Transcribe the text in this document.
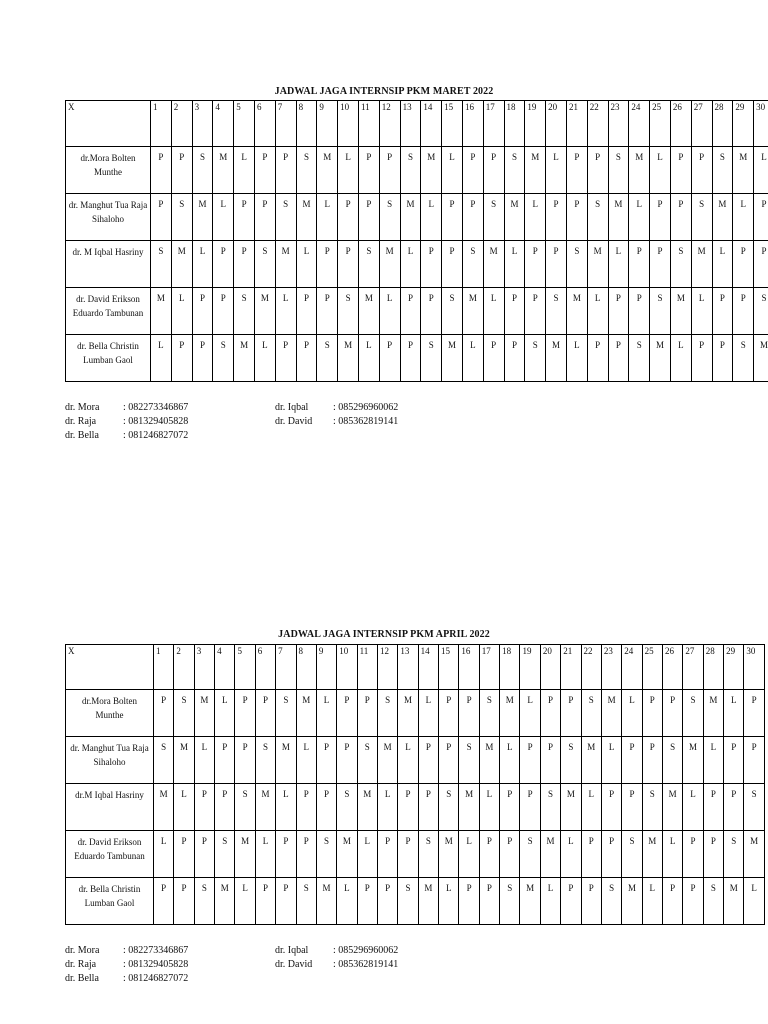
JADWAL JAGA INTERNSIP PKM MARET 2022
X	1	2	3	4	5	6	7	8	9	10	11	12	13	14	15	16	17	18	19	20	21	22	23	24	25	26	27	28	29	30
dr.Mora Bolten Munthe	P	P	S	M	L	P	P	S	M	L	P	P	S	M	L	P	P	S	M	L	P	P	S	M	L	P	P	S	M	L
dr. Manghut Tua Raja Sihaloho	P	S	M	L	P	P	S	M	L	P	P	S	M	L	P	P	S	M	L	P	P	S	M	L	P	P	S	M	L	P
dr. M Iqbal Hasriny	S	M	L	P	P	S	M	L	P	P	S	M	L	P	P	S	M	L	P	P	S	M	L	P	P	S	M	L	P	P
dr. David Erikson Eduardo Tambunan	M	L	P	P	S	M	L	P	P	S	M	L	P	P	S	M	L	P	P	S	M	L	P	P	S	M	L	P	P	S
dr. Bella Christin Lumban Gaol	L	P	P	S	M	L	P	P	S	M	L	P	P	S	M	L	P	P	S	M	L	P	P	S	M	L	P	P	S	M
dr. Mora : 082273346867
dr. Raja	: 081329405828
dr. Bella : 081246827072
dr. Iqbal : 085296960062
dr. David : 085362819141
JADWAL JAGA INTERNSIP PKM APRIL 2022
X	1	2	3	4	5	6	7	8	9	10	11	12	13	14	15	16	17	18	19	20	21	22	23	24	25	26	27	28	29	30
dr.Mora Bolten Munthe	P	S	M	L	P	P	S	M	L	P	P	S	M	L	P	P	S	M	L	P	P	S	M	L	P	P	S	M	L	P
dr. Manghut Tua Raja Sihaloho	S	M	L	P	P	S	M	L	P	P	S	M	L	P	P	S	M	L	P	P	S	M	L	P	P	S	M	L	P	P
dr.M Iqbal Hasriny	M	L	P	P	S	M	L	P	P	S	M	L	P	P	S	M	L	P	P	S	M	L	P	P	S	M	L	P	P	S
dr. David Erikson Eduardo Tambunan	L	P	P	S	M	L	P	P	S	M	L	P	P	S	M	L	P	P	S	M	L	P	P	S	M	L	P	P	S	M
dr. Bella Christin Lumban Gaol	P	P	S	M	L	P	P	S	M	L	P	P	S	M	L	P	P	S	M	L	P	P	S	M	L	P	P	S	M	L
dr. Mora : 082273346867
dr. Raja	: 081329405828
dr. Bella : 081246827072
dr. Iqbal : 085296960062
dr. David : 085362819141
